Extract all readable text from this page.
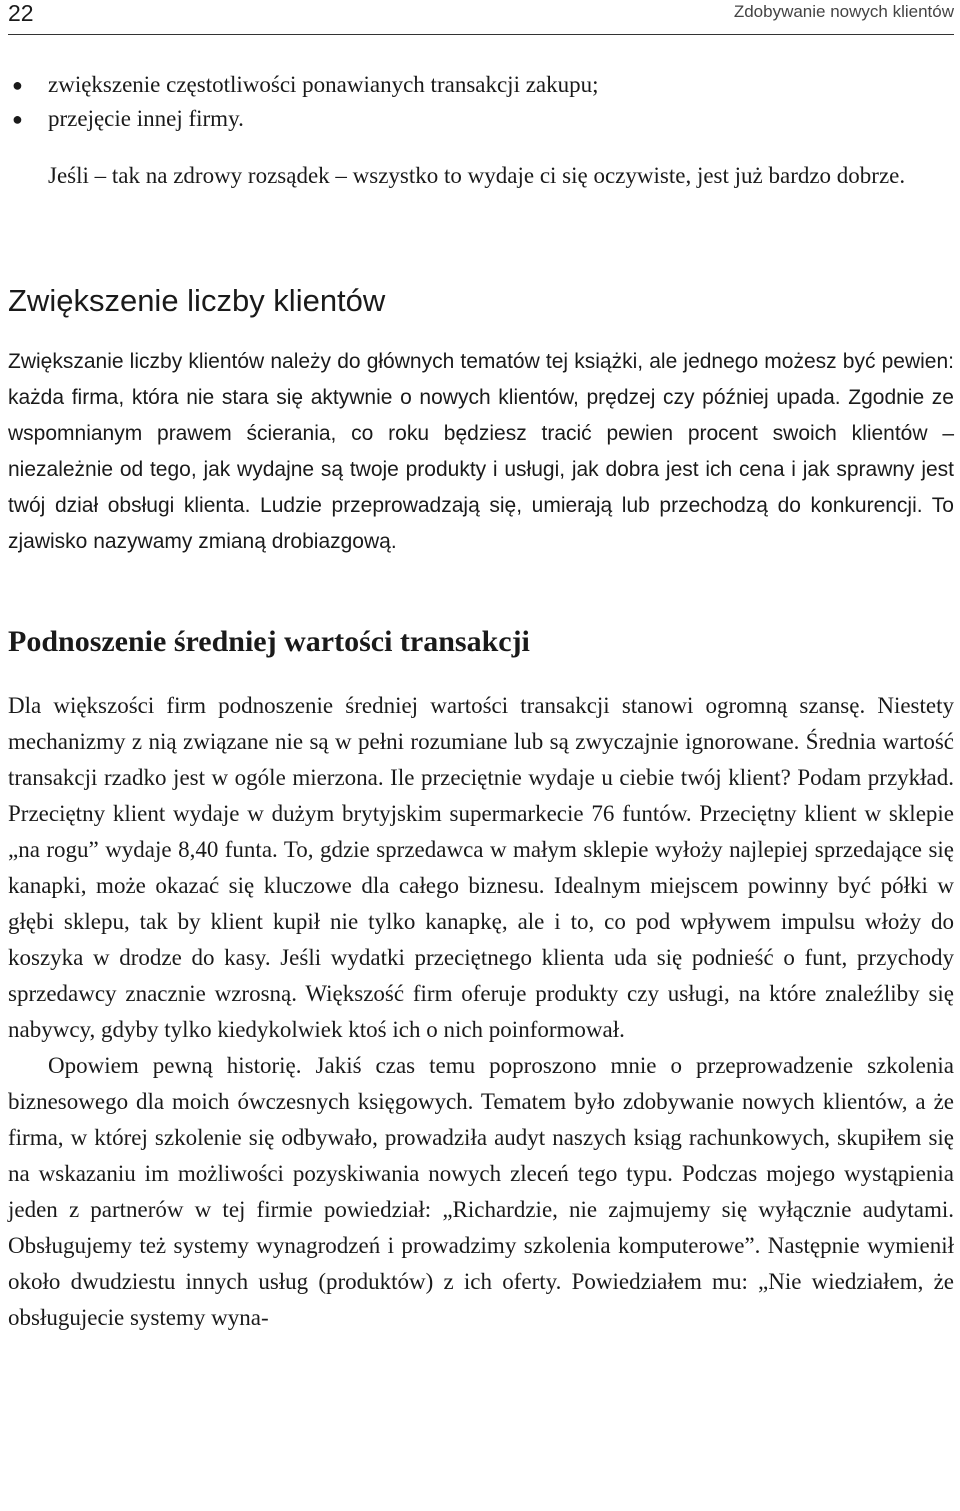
22	Zdobywanie nowych klientów
● zwiększenie częstotliwości ponawianych transakcji zakupu;
● przejęcie innej firmy.

Jeśli – tak na zdrowy rozsądek – wszystko to wydaje ci się oczywiste, jest już bardzo dobrze.

Zwiększenie liczby klientów

Zwiększanie liczby klientów należy do głównych tematów tej książki, ale jednego możesz być pewien: każda firma, która nie stara się aktywnie o nowych klientów, prędzej czy później upada. Zgodnie ze wspomnianym prawem ścierania, co roku będziesz tracić pewien procent swoich klientów – niezależnie od tego, jak wydajne są twoje produkty i usługi, jak dobra jest ich cena i jak sprawny jest twój dział obsługi klienta. Ludzie przeprowadzają się, umierają lub przechodzą do konkurencji. To zjawisko nazywamy zmianą drobiazgową.

Podnoszenie średniej wartości transakcji

Dla większości firm podnoszenie średniej wartości transakcji stanowi ogromną szansę. Niestety mechanizmy z nią związane nie są w pełni rozumiane lub są zwyczajnie ignorowane. Średnia wartość transakcji rzadko jest w ogóle mierzona. Ile przeciętnie wydaje u ciebie twój klient? Podam przykład. Przeciętny klient wydaje w dużym brytyjskim supermarkecie 76 funtów. Przeciętny klient w sklepie „na rogu” wydaje 8,40 funta. To, gdzie sprzedawca w małym sklepie wyłoży najlepiej sprzedające się kanapki, może okazać się kluczowe dla całego biznesu. Idealnym miejscem powinny być półki w głębi sklepu, tak by klient kupił nie tylko kanapkę, ale i to, co pod wpływem impulsu włoży do koszyka w drodze do kasy. Jeśli wydatki przeciętnego klienta uda się podnieść o funt, przychody sprzedawcy znacznie wzrosną. Większość firm oferuje produkty czy usługi, na które znaleźliby się nabywcy, gdyby tylko kiedykolwiek ktoś ich o nich poinformował.

Opowiem pewną historię. Jakiś czas temu poproszono mnie o przeprowadzenie szkolenia biznesowego dla moich ówczesnych księgowych. Tematem było zdobywanie nowych klientów, a że firma, w której szkolenie się odbywało, prowadziła audyt naszych ksiąg rachunkowych, skupiłem się na wskazaniu im możliwości pozyskiwania nowych zleceń tego typu. Podczas mojego wystąpienia jeden z partnerów w tej firmie powiedział: „Richardzie, nie zajmujemy się wyłącznie audytami. Obsługujemy też systemy wynagrodzeń i prowadzimy szkolenia komputerowe”. Następnie wymienił około dwudziestu innych usług (produktów) z ich oferty. Powiedziałem mu: „Nie wiedziałem, że obsługujecie systemy wyna-
